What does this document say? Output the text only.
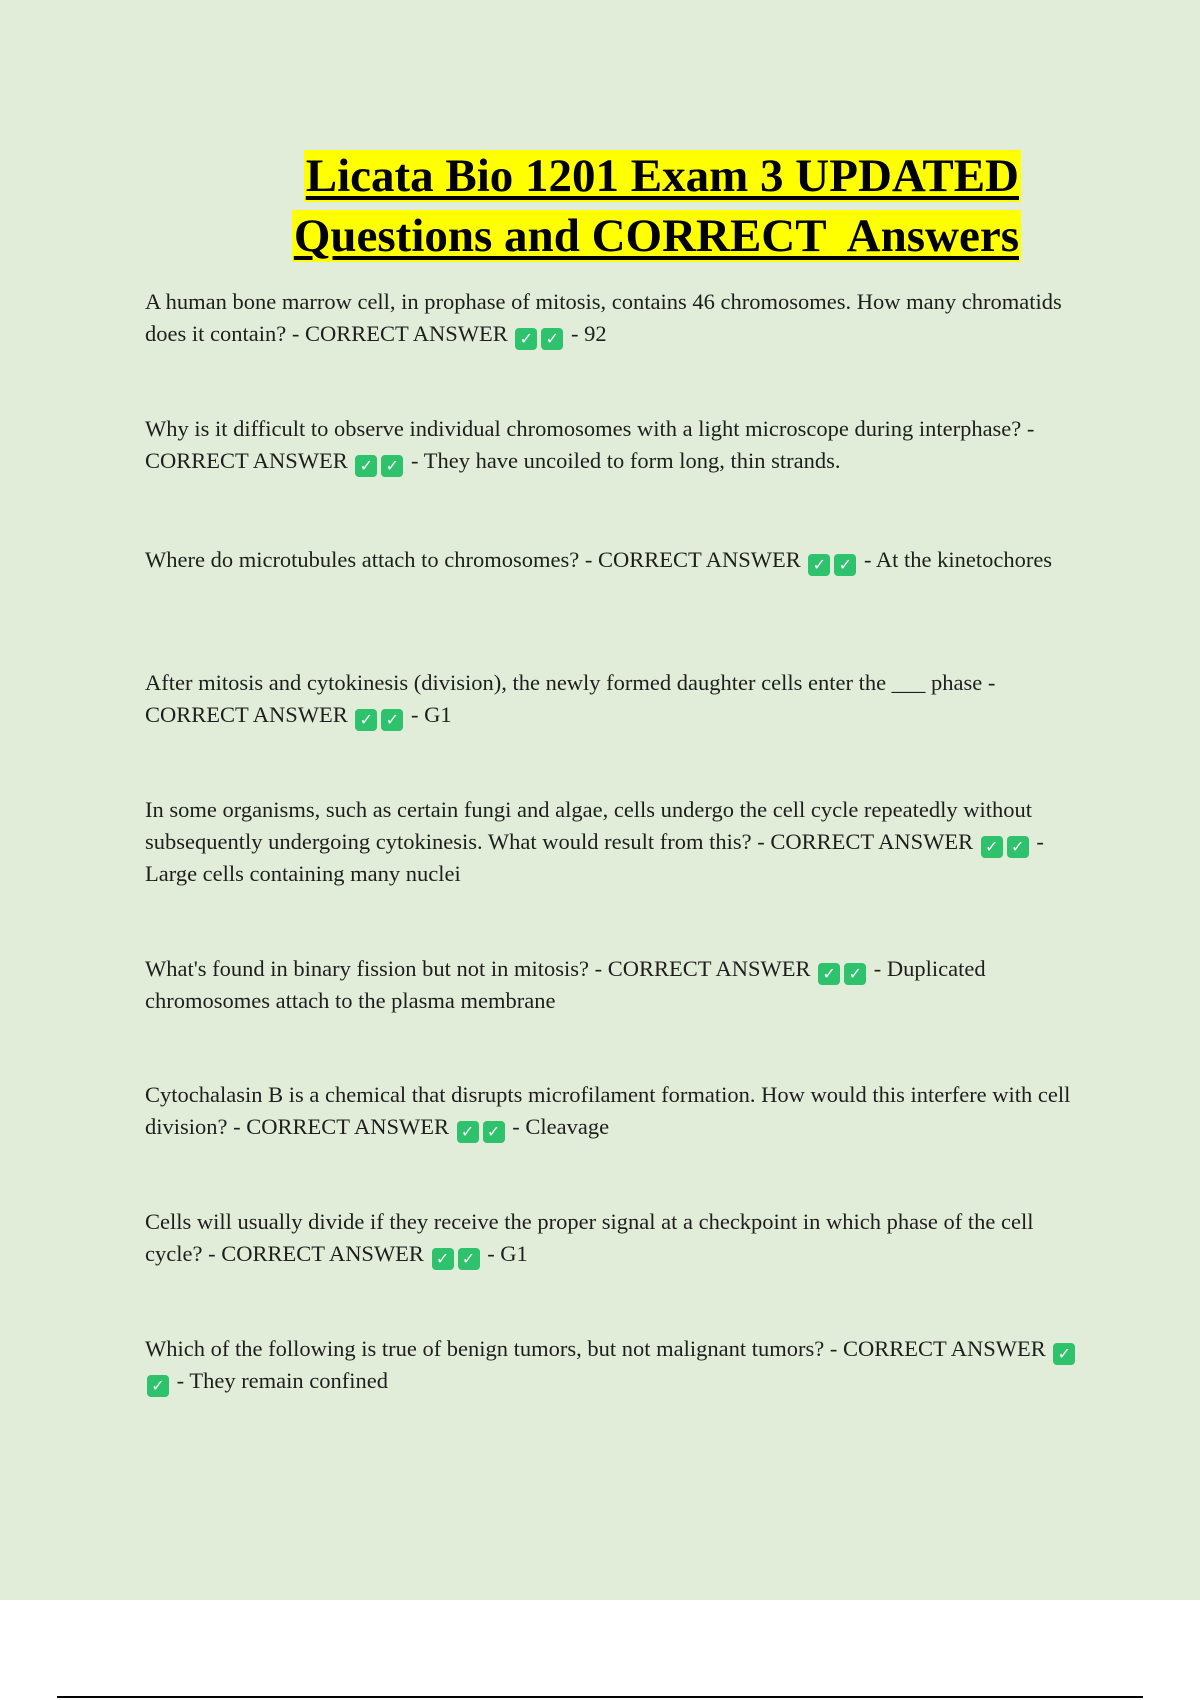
Licata Bio 1201 Exam 3 UPDATED
Questions and CORRECT  Answers
A human bone marrow cell, in prophase of mitosis, contains 46 chromosomes. How many chromatids does it contain? - CORRECT ANSWER ✓ ✓ - 92
Why is it difficult to observe individual chromosomes with a light microscope during interphase? - CORRECT ANSWER ✓ ✓ - They have uncoiled to form long, thin strands.
Where do microtubules attach to chromosomes? - CORRECT ANSWER ✓ ✓ - At the kinetochores
After mitosis and cytokinesis (division), the newly formed daughter cells enter the ___ phase - CORRECT ANSWER ✓ ✓ - G1
In some organisms, such as certain fungi and algae, cells undergo the cell cycle repeatedly without subsequently undergoing cytokinesis. What would result from this? - CORRECT ANSWER ✓ ✓ - Large cells containing many nuclei
What's found in binary fission but not in mitosis? - CORRECT ANSWER ✓ ✓ - Duplicated chromosomes attach to the plasma membrane
Cytochalasin B is a chemical that disrupts microfilament formation. How would this interfere with cell division? - CORRECT ANSWER ✓ ✓ - Cleavage
Cells will usually divide if they receive the proper signal at a checkpoint in which phase of the cell cycle? - CORRECT ANSWER ✓ ✓ - G1
Which of the following is true of benign tumors, but not malignant tumors? - CORRECT ANSWER ✓✓ - They remain confined
